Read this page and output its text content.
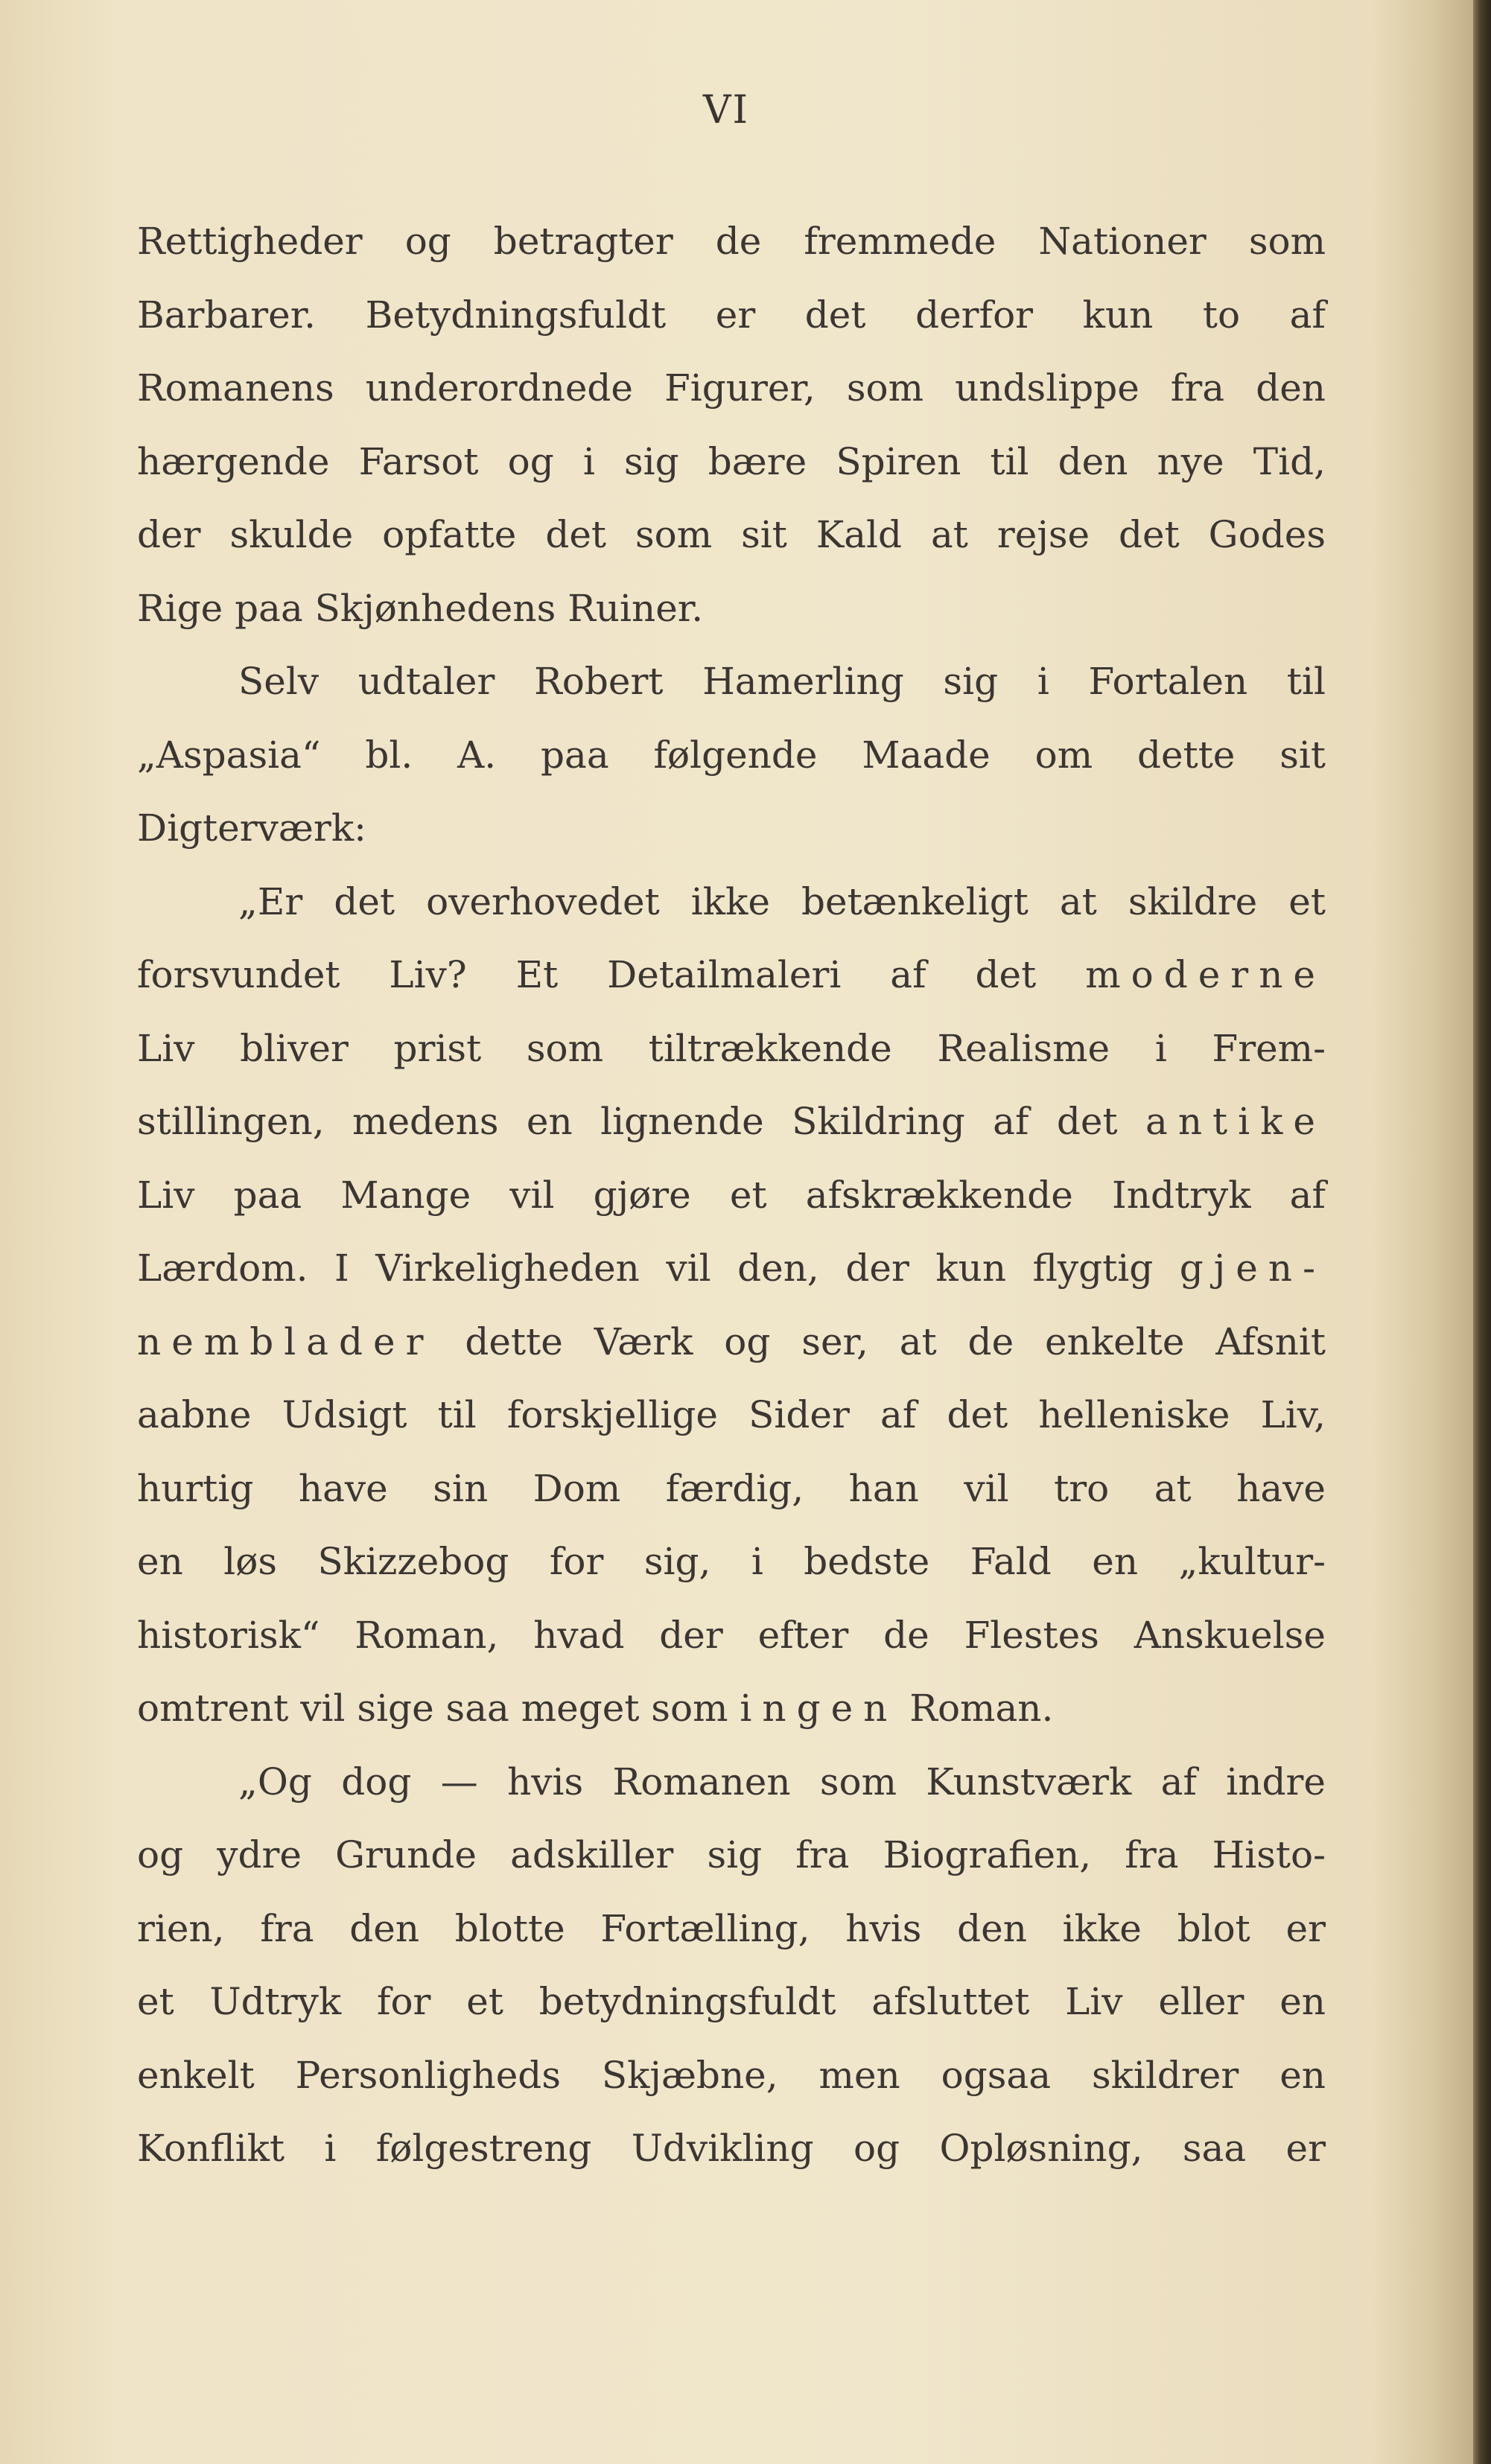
VI
Rettigheder og betragter de fremmede Nationer som
Barbarer. Betydningsfuldt er det derfor kun to af
Romanens underordnede Figurer, som undslippe fra den
hærgende Farsot og i sig bære Spiren til den nye Tid,
der skulde opfatte det som sit Kald at rejse det Godes
Rige paa Skjønhedens Ruiner.
Selv udtaler Robert Hamerling sig i Fortalen til
„Aspasia“ bl. A. paa følgende Maade om dette sit
Digterværk:
„Er det overhovedet ikke betænkeligt at skildre et
forsvundet Liv? Et Detailmaleri af det moderne
Liv bliver prist som tiltrækkende Realisme i Frem-
stillingen, medens en lignende Skildring af det antike
Liv paa Mange vil gjøre et afskrækkende Indtryk af
Lærdom. I Virkeligheden vil den, der kun flygtig gjen-
nemblader dette Værk og ser, at de enkelte Afsnit
aabne Udsigt til forskjellige Sider af det helleniske Liv,
hurtig have sin Dom færdig, han vil tro at have
en løs Skizzebog for sig, i bedste Fald en „kultur-
historisk“ Roman, hvad der efter de Flestes Anskuelse
omtrent vil sige saa meget som ingen Roman.
„Og dog — hvis Romanen som Kunstværk af indre
og ydre Grunde adskiller sig fra Biografien, fra Histo-
rien, fra den blotte Fortælling, hvis den ikke blot er
et Udtryk for et betydningsfuldt afsluttet Liv eller en
enkelt Personligheds Skjæbne, men ogsaa skildrer en
Konflikt i følgestreng Udvikling og Opløsning, saa er
